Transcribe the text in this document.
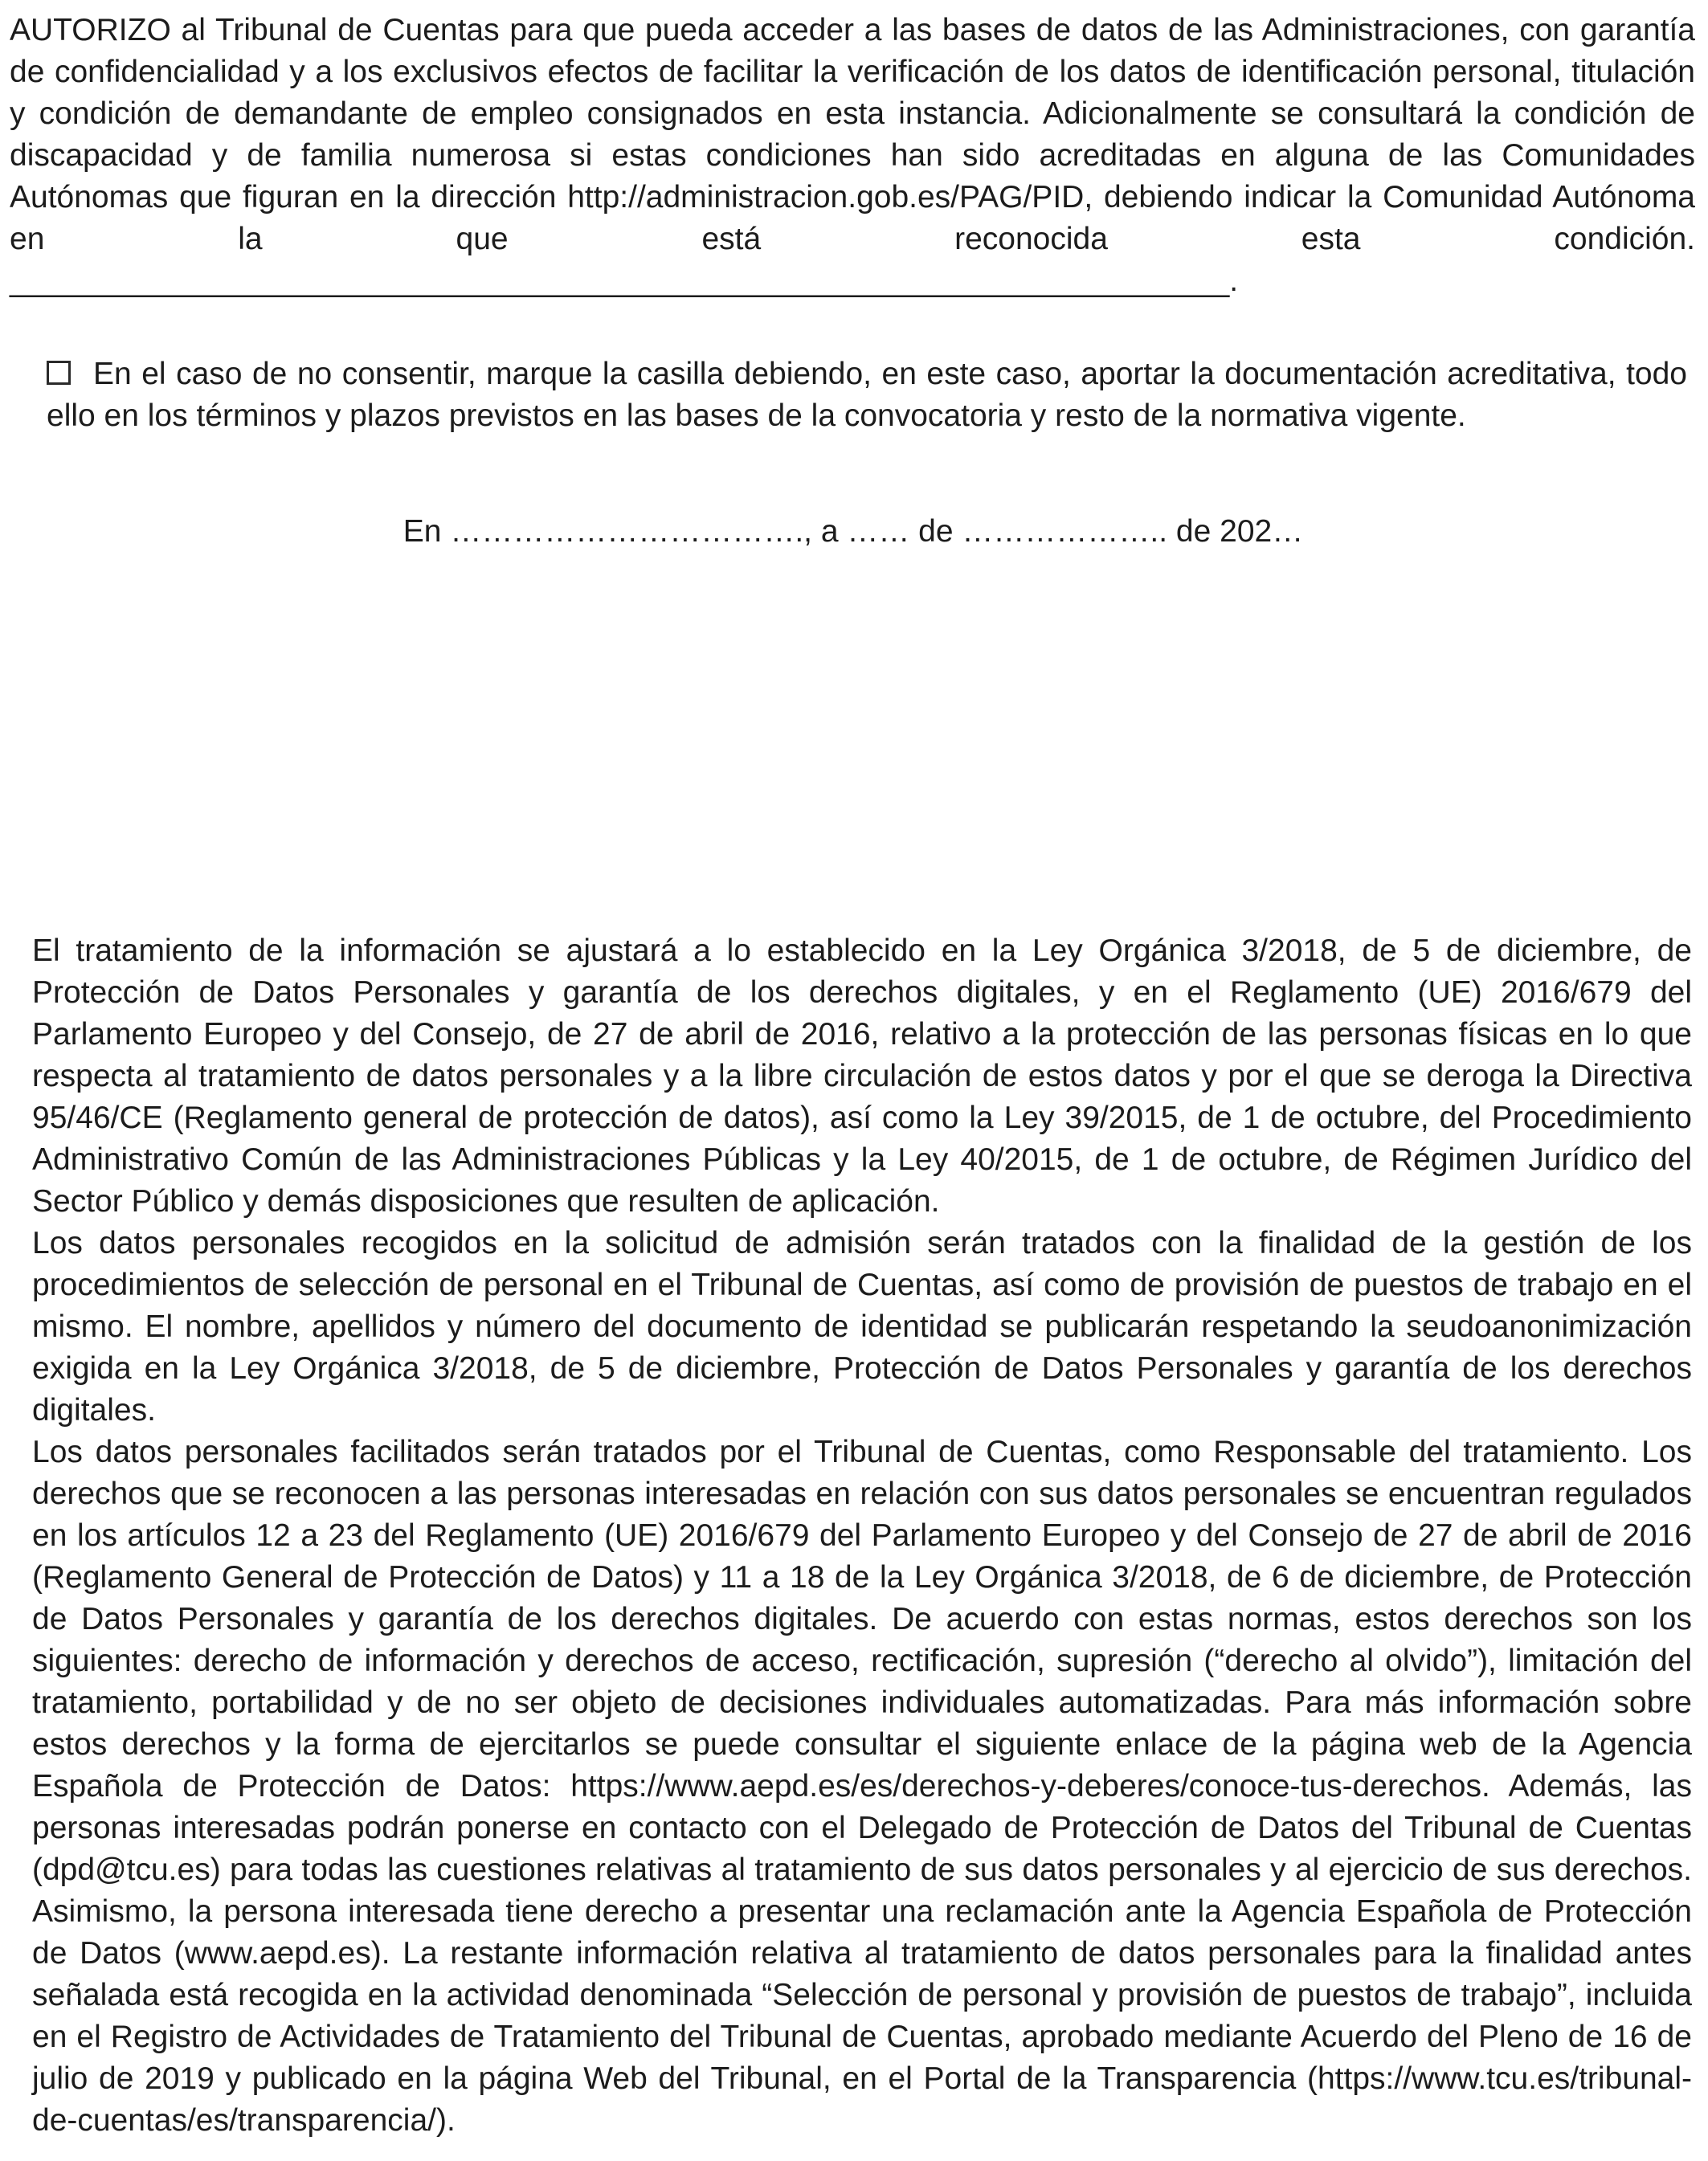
AUTORIZO al Tribunal de Cuentas para que pueda acceder a las bases de datos de las Administraciones, con garantía de confidencialidad y a los exclusivos efectos de facilitar la verificación de los datos de identificación personal, titulación y condición de demandante de empleo consignados en esta instancia. Adicionalmente se consultará la condición de discapacidad y de familia numerosa si estas condiciones han sido acreditadas en alguna de las Comunidades Autónomas que figuran en la dirección http://administracion.gob.es/PAG/PID, debiendo indicar la Comunidad Autónoma en la que está reconocida esta condición. ______________________________________________________________________.

En el caso de no consentir, marque la casilla debiendo, en este caso, aportar la documentación acreditativa, todo ello en los términos y plazos previstos en las bases de la convocatoria y resto de la normativa vigente.

En ……………………………., a …… de ……………….. de 202…

El tratamiento de la información se ajustará a lo establecido en la Ley Orgánica 3/2018, de 5 de diciembre, de Protección de Datos Personales y garantía de los derechos digitales, y en el Reglamento (UE) 2016/679 del Parlamento Europeo y del Consejo, de 27 de abril de 2016, relativo a la protección de las personas físicas en lo que respecta al tratamiento de datos personales y a la libre circulación de estos datos y por el que se deroga la Directiva 95/46/CE (Reglamento general de protección de datos), así como la Ley 39/2015, de 1 de octubre, del Procedimiento Administrativo Común de las Administraciones Públicas y la Ley 40/2015, de 1 de octubre, de Régimen Jurídico del Sector Público y demás disposiciones que resulten de aplicación.

Los datos personales recogidos en la solicitud de admisión serán tratados con la finalidad de la gestión de los procedimientos de selección de personal en el Tribunal de Cuentas, así como de provisión de puestos de trabajo en el mismo. El nombre, apellidos y número del documento de identidad se publicarán respetando la seudoanonimización exigida en la Ley Orgánica 3/2018, de 5 de diciembre, Protección de Datos Personales y garantía de los derechos digitales.

Los datos personales facilitados serán tratados por el Tribunal de Cuentas, como Responsable del tratamiento. Los derechos que se reconocen a las personas interesadas en relación con sus datos personales se encuentran regulados en los artículos 12 a 23 del Reglamento (UE) 2016/679 del Parlamento Europeo y del Consejo de 27 de abril de 2016 (Reglamento General de Protección de Datos) y 11 a 18 de la Ley Orgánica 3/2018, de 6 de diciembre, de Protección de Datos Personales y garantía de los derechos digitales. De acuerdo con estas normas, estos derechos son los siguientes: derecho de información y derechos de acceso, rectificación, supresión (“derecho al olvido”), limitación del tratamiento, portabilidad y de no ser objeto de decisiones individuales automatizadas. Para más información sobre estos derechos y la forma de ejercitarlos se puede consultar el siguiente enlace de la página web de la Agencia Española de Protección de Datos: https://www.aepd.es/es/derechos-y-deberes/conoce-tus-derechos. Además, las personas interesadas podrán ponerse en contacto con el Delegado de Protección de Datos del Tribunal de Cuentas (dpd@tcu.es) para todas las cuestiones relativas al tratamiento de sus datos personales y al ejercicio de sus derechos. Asimismo, la persona interesada tiene derecho a presentar una reclamación ante la Agencia Española de Protección de Datos (www.aepd.es). La restante información relativa al tratamiento de datos personales para la finalidad antes señalada está recogida en la actividad denominada “Selección de personal y provisión de puestos de trabajo”, incluida en el Registro de Actividades de Tratamiento del Tribunal de Cuentas, aprobado mediante Acuerdo del Pleno de 16 de julio de 2019 y publicado en la página Web del Tribunal, en el Portal de la Transparencia (https://www.tcu.es/tribunal-de-cuentas/es/transparencia/).
